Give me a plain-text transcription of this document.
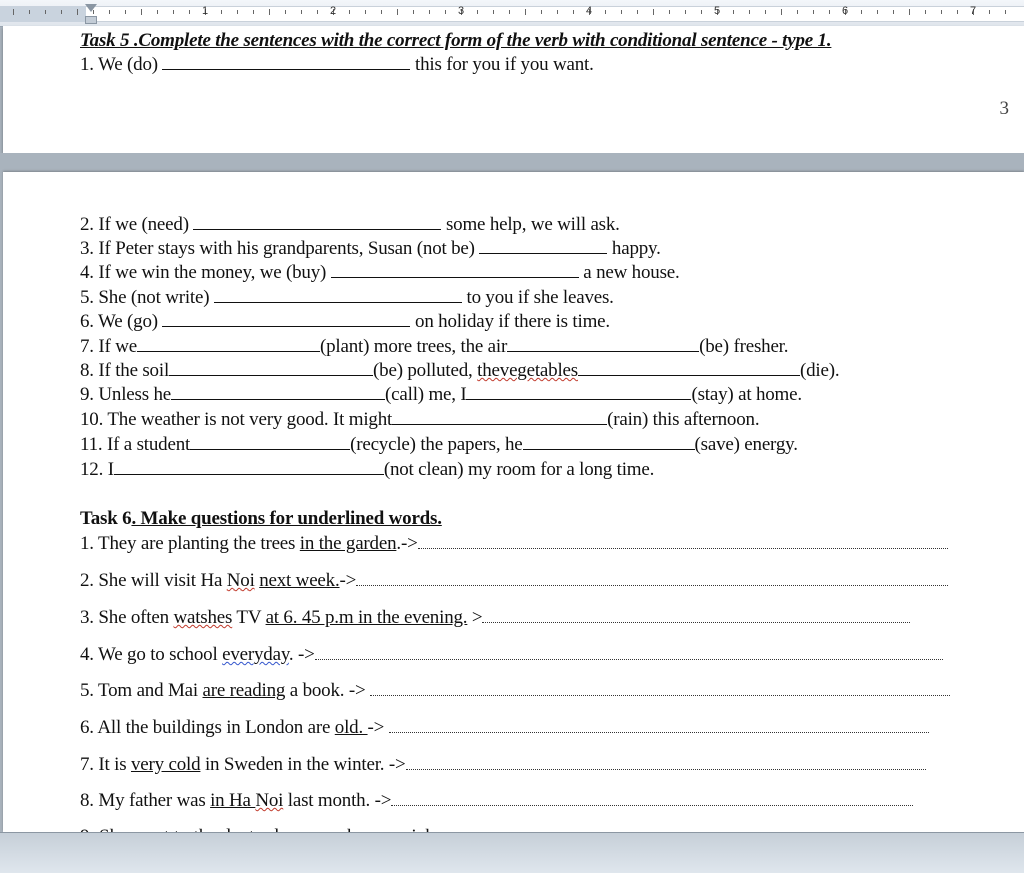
1	2	3	4	5	6	7
Task 5 .Complete the sentences with the correct form of the verb with conditional sentence - type 1.
1. We (do)	this for you if you want.
3
2. If we (need)	some help, we will ask.
3. If Peter stays with his grandparents, Susan (not be)	happy.
4. If we win the money, we (buy)	a new house.
5. She (not write)	to you if she leaves.
6. We (go)	on holiday if there is time.
7. If we	(plant) more trees, the air	(be) fresher.
8. If the soil	(be) polluted, thevegetables	(die).
9. Unless he	(call) me, I	(stay) at home.
10. The weather is not very good. It might	(rain) this afternoon.
11. If a student	(recycle) the papers, he	(save) energy.
12. I	(not clean) my room for a long time.
Task 6. Make questions for underlined words.
1. They are planting the trees in the garden.->
2. She will visit Ha Noi next week.->
3. She often watshes TV at 6. 45 p.m in the evening. >
4. We go to school everyday. ->
5. Tom and Mai are reading a book. ->
6. All the buildings in London are old. ->
7. It is very cold in Sweden in the winter. ->
8. My father was in Ha Noi last month. ->
